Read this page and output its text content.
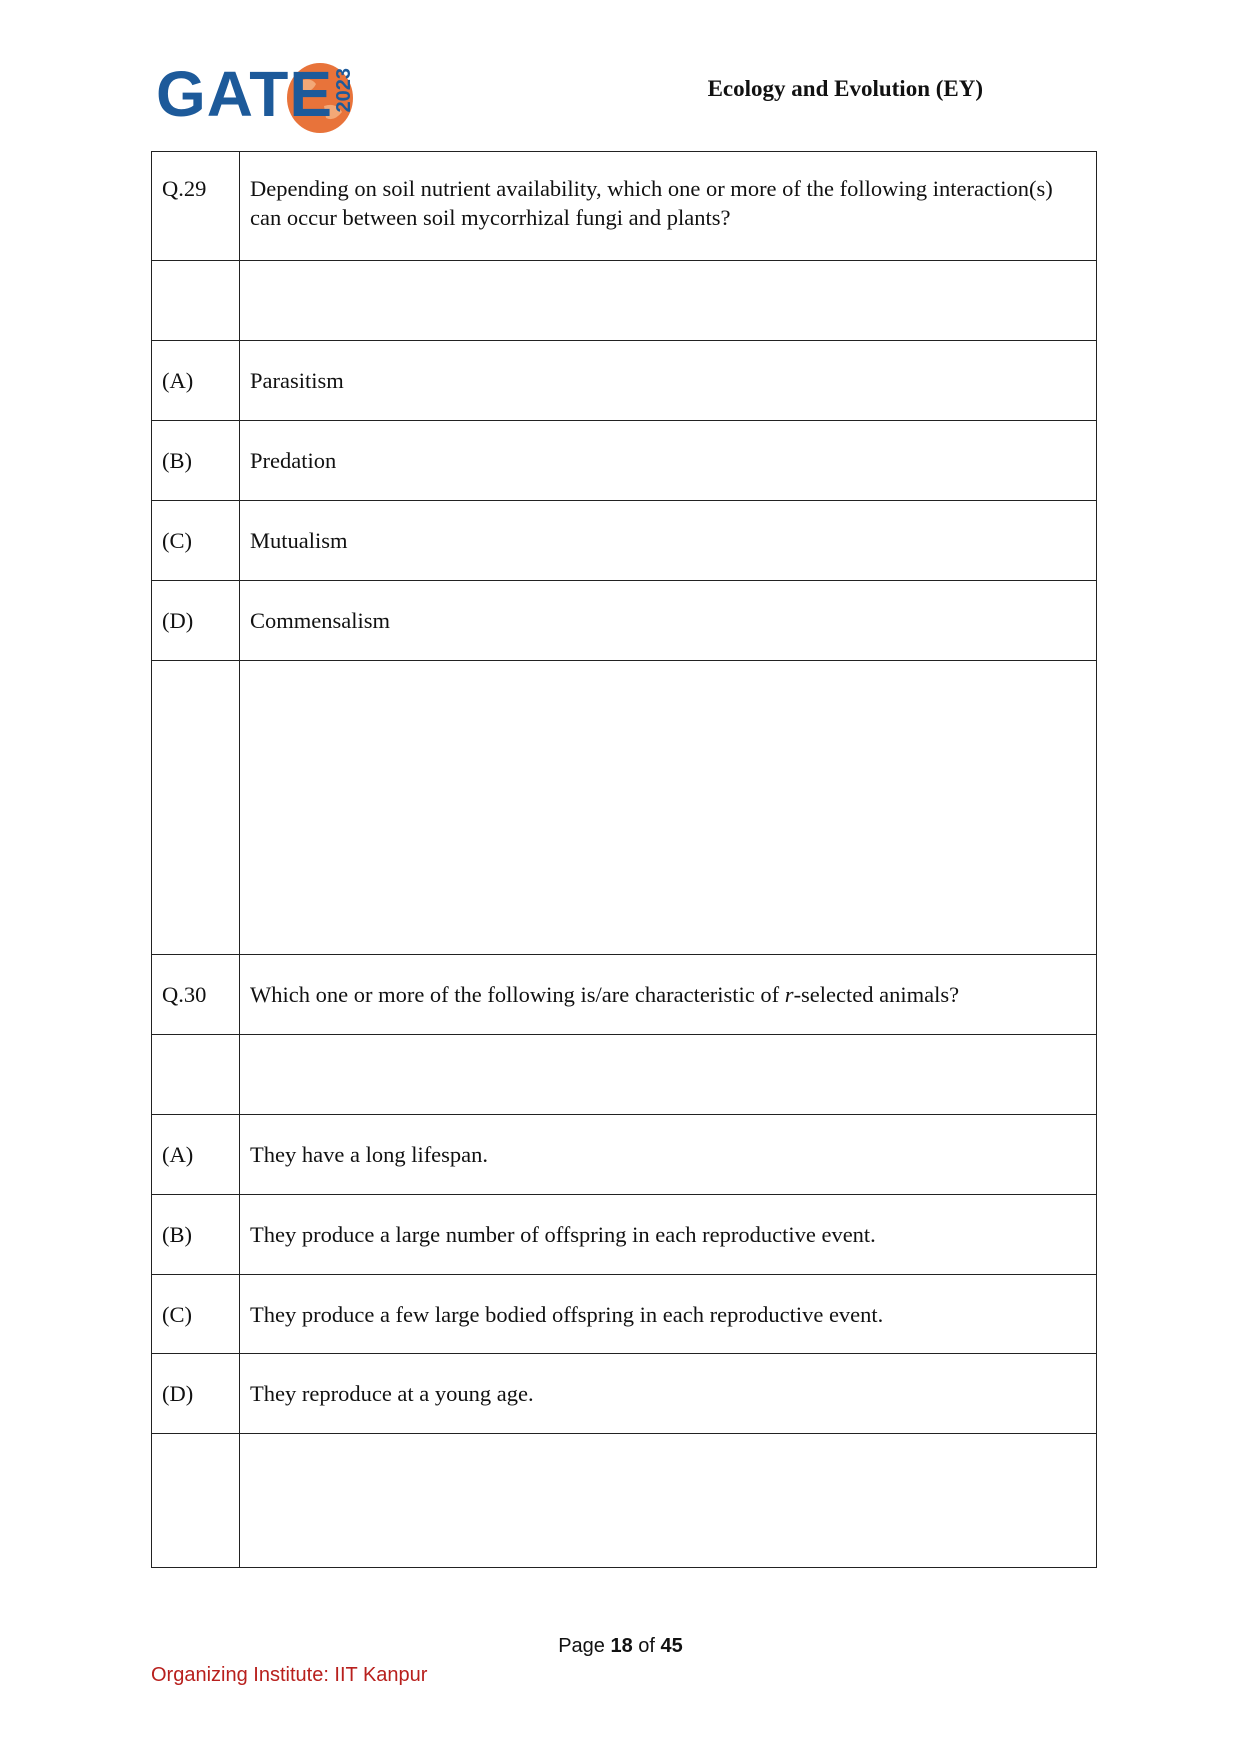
GATE 2023	Ecology and Evolution (EY)
Q.29	Depending on soil nutrient availability, which one or more of the following interaction(s) can occur between soil mycorrhizal fungi and plants?

(A)	Parasitism
(B)	Predation
(C)	Mutualism
(D)	Commensalism

Q.30	Which one or more of the following is/are characteristic of r-selected animals?

(A)	They have a long lifespan.
(B)	They produce a large number of offspring in each reproductive event.
(C)	They produce a few large bodied offspring in each reproductive event.
(D)	They reproduce at a young age.

Page 18 of 45
Organizing Institute: IIT Kanpur
